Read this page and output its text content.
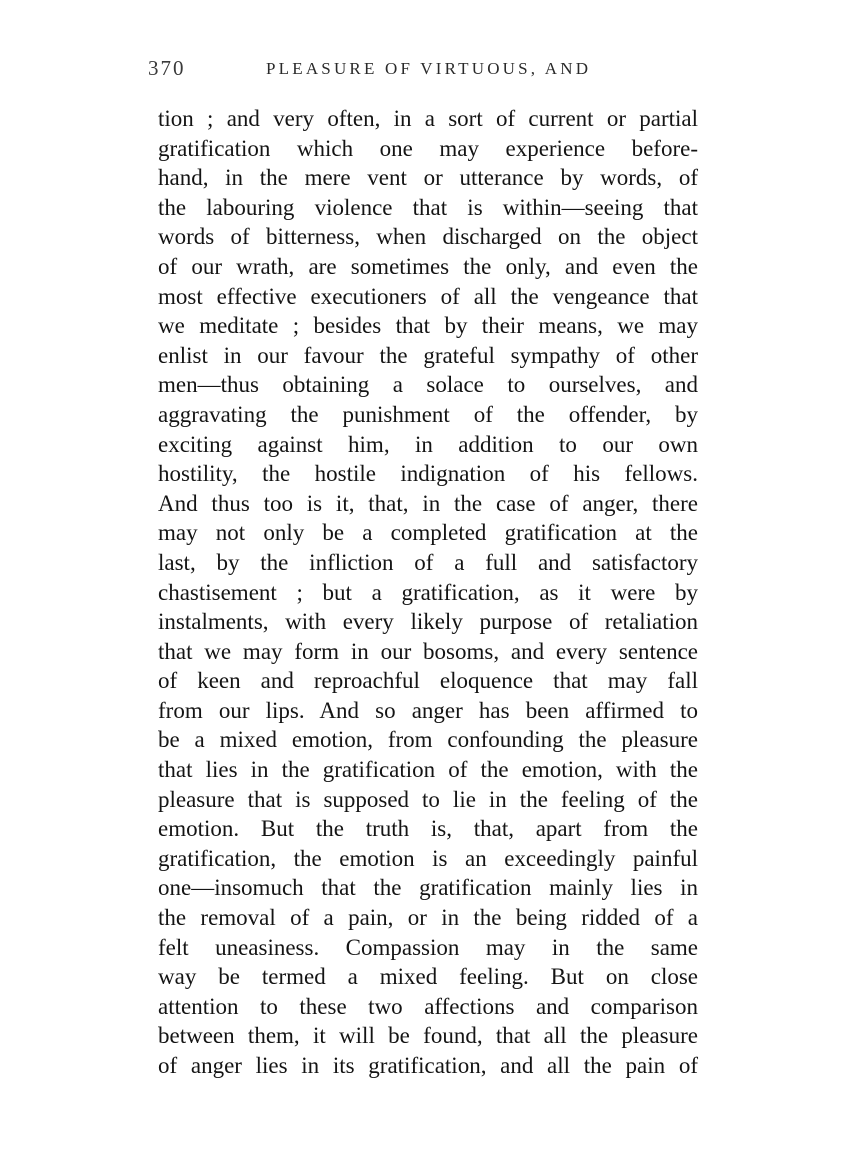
370	PLEASURE OF VIRTUOUS, AND
tion ; and very often, in a sort of current or partial
gratification which one may experience before-
hand, in the mere vent or utterance by words, of
the labouring violence that is within—seeing that
words of bitterness, when discharged on the object
of our wrath, are sometimes the only, and even the
most effective executioners of all the vengeance that
we meditate ; besides that by their means, we may
enlist in our favour the grateful sympathy of other
men—thus obtaining a solace to ourselves, and
aggravating the punishment of the offender, by
exciting against him, in addition to our own
hostility, the hostile indignation of his fellows.
And thus too is it, that, in the case of anger, there
may not only be a completed gratification at the
last, by the infliction of a full and satisfactory
chastisement ; but a gratification, as it were by
instalments, with every likely purpose of retaliation
that we may form in our bosoms, and every sentence
of keen and reproachful eloquence that may fall
from our lips. And so anger has been affirmed to
be a mixed emotion, from confounding the pleasure
that lies in the gratification of the emotion, with the
pleasure that is supposed to lie in the feeling of the
emotion. But the truth is, that, apart from the
gratification, the emotion is an exceedingly painful
one—insomuch that the gratification mainly lies in
the removal of a pain, or in the being ridded of a
felt uneasiness. Compassion may in the same
way be termed a mixed feeling. But on close
attention to these two affections and comparison
between them, it will be found, that all the pleasure
of anger lies in its gratification, and all the pain of
